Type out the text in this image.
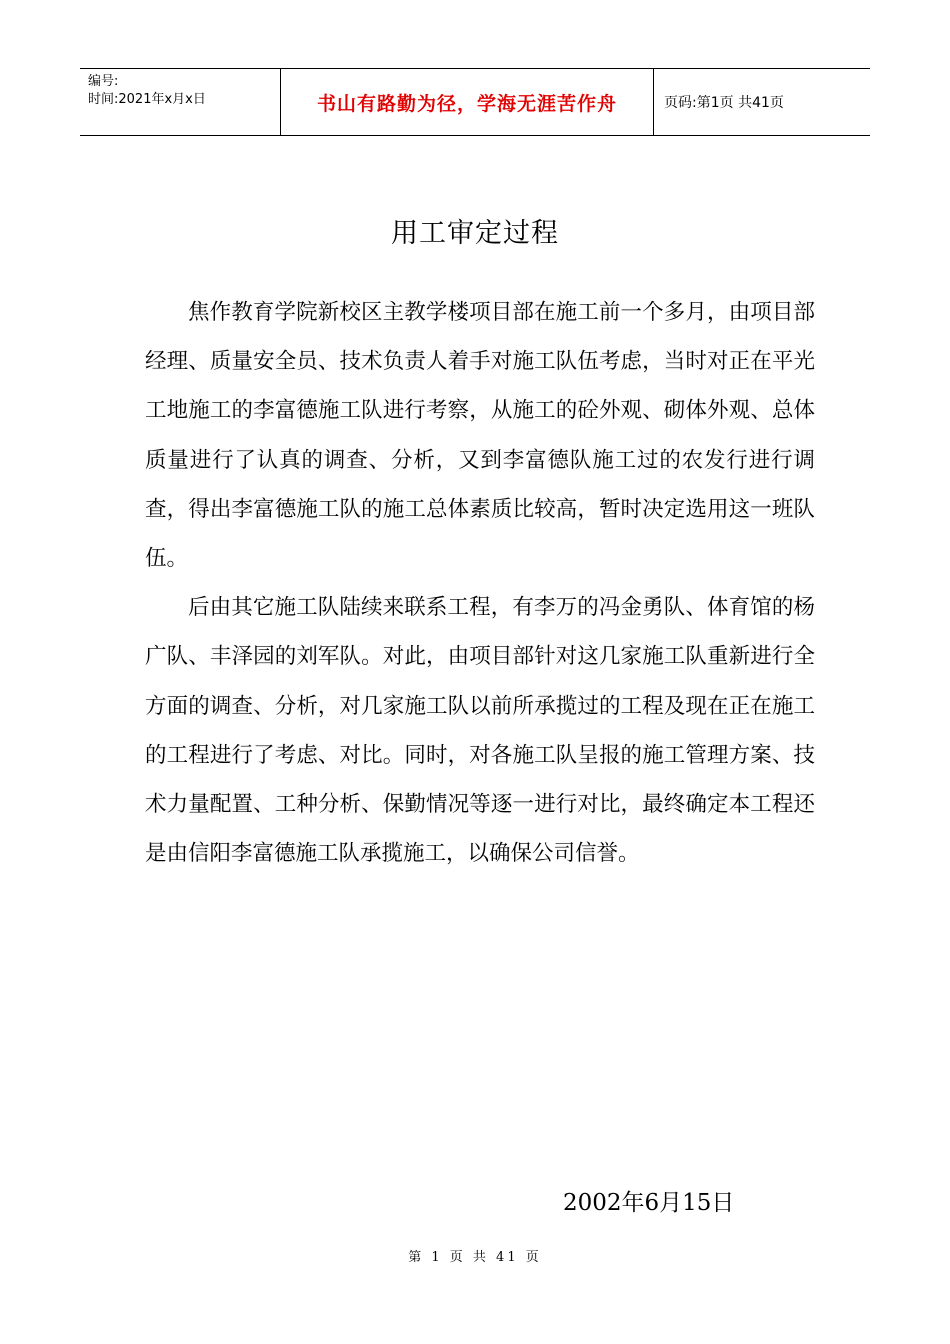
编号:
时间:2021年x月x日	书山有路勤为径，学海无涯苦作舟	页码:第1页 共41页
用工审定过程

焦作教育学院新校区主教学楼项目部在施工前一个多月，由项目部经理、质量安全员、技术负责人着手对施工队伍考虑，当时对正在平光工地施工的李富德施工队进行考察，从施工的砼外观、砌体外观、总体质量进行了认真的调查、分析，又到李富德队施工过的农发行进行调查，得出李富德施工队的施工总体素质比较高，暂时决定选用这一班队伍。

后由其它施工队陆续来联系工程，有李万的冯金勇队、体育馆的杨广队、丰泽园的刘军队。对此，由项目部针对这几家施工队重新进行全方面的调查、分析，对几家施工队以前所承揽过的工程及现在正在施工的工程进行了考虑、对比。同时，对各施工队呈报的施工管理方案、技术力量配置、工种分析、保勤情况等逐一进行对比，最终确定本工程还是由信阳李富德施工队承揽施工，以确保公司信誉。

2002年6月15日
第 1 页 共 41 页
